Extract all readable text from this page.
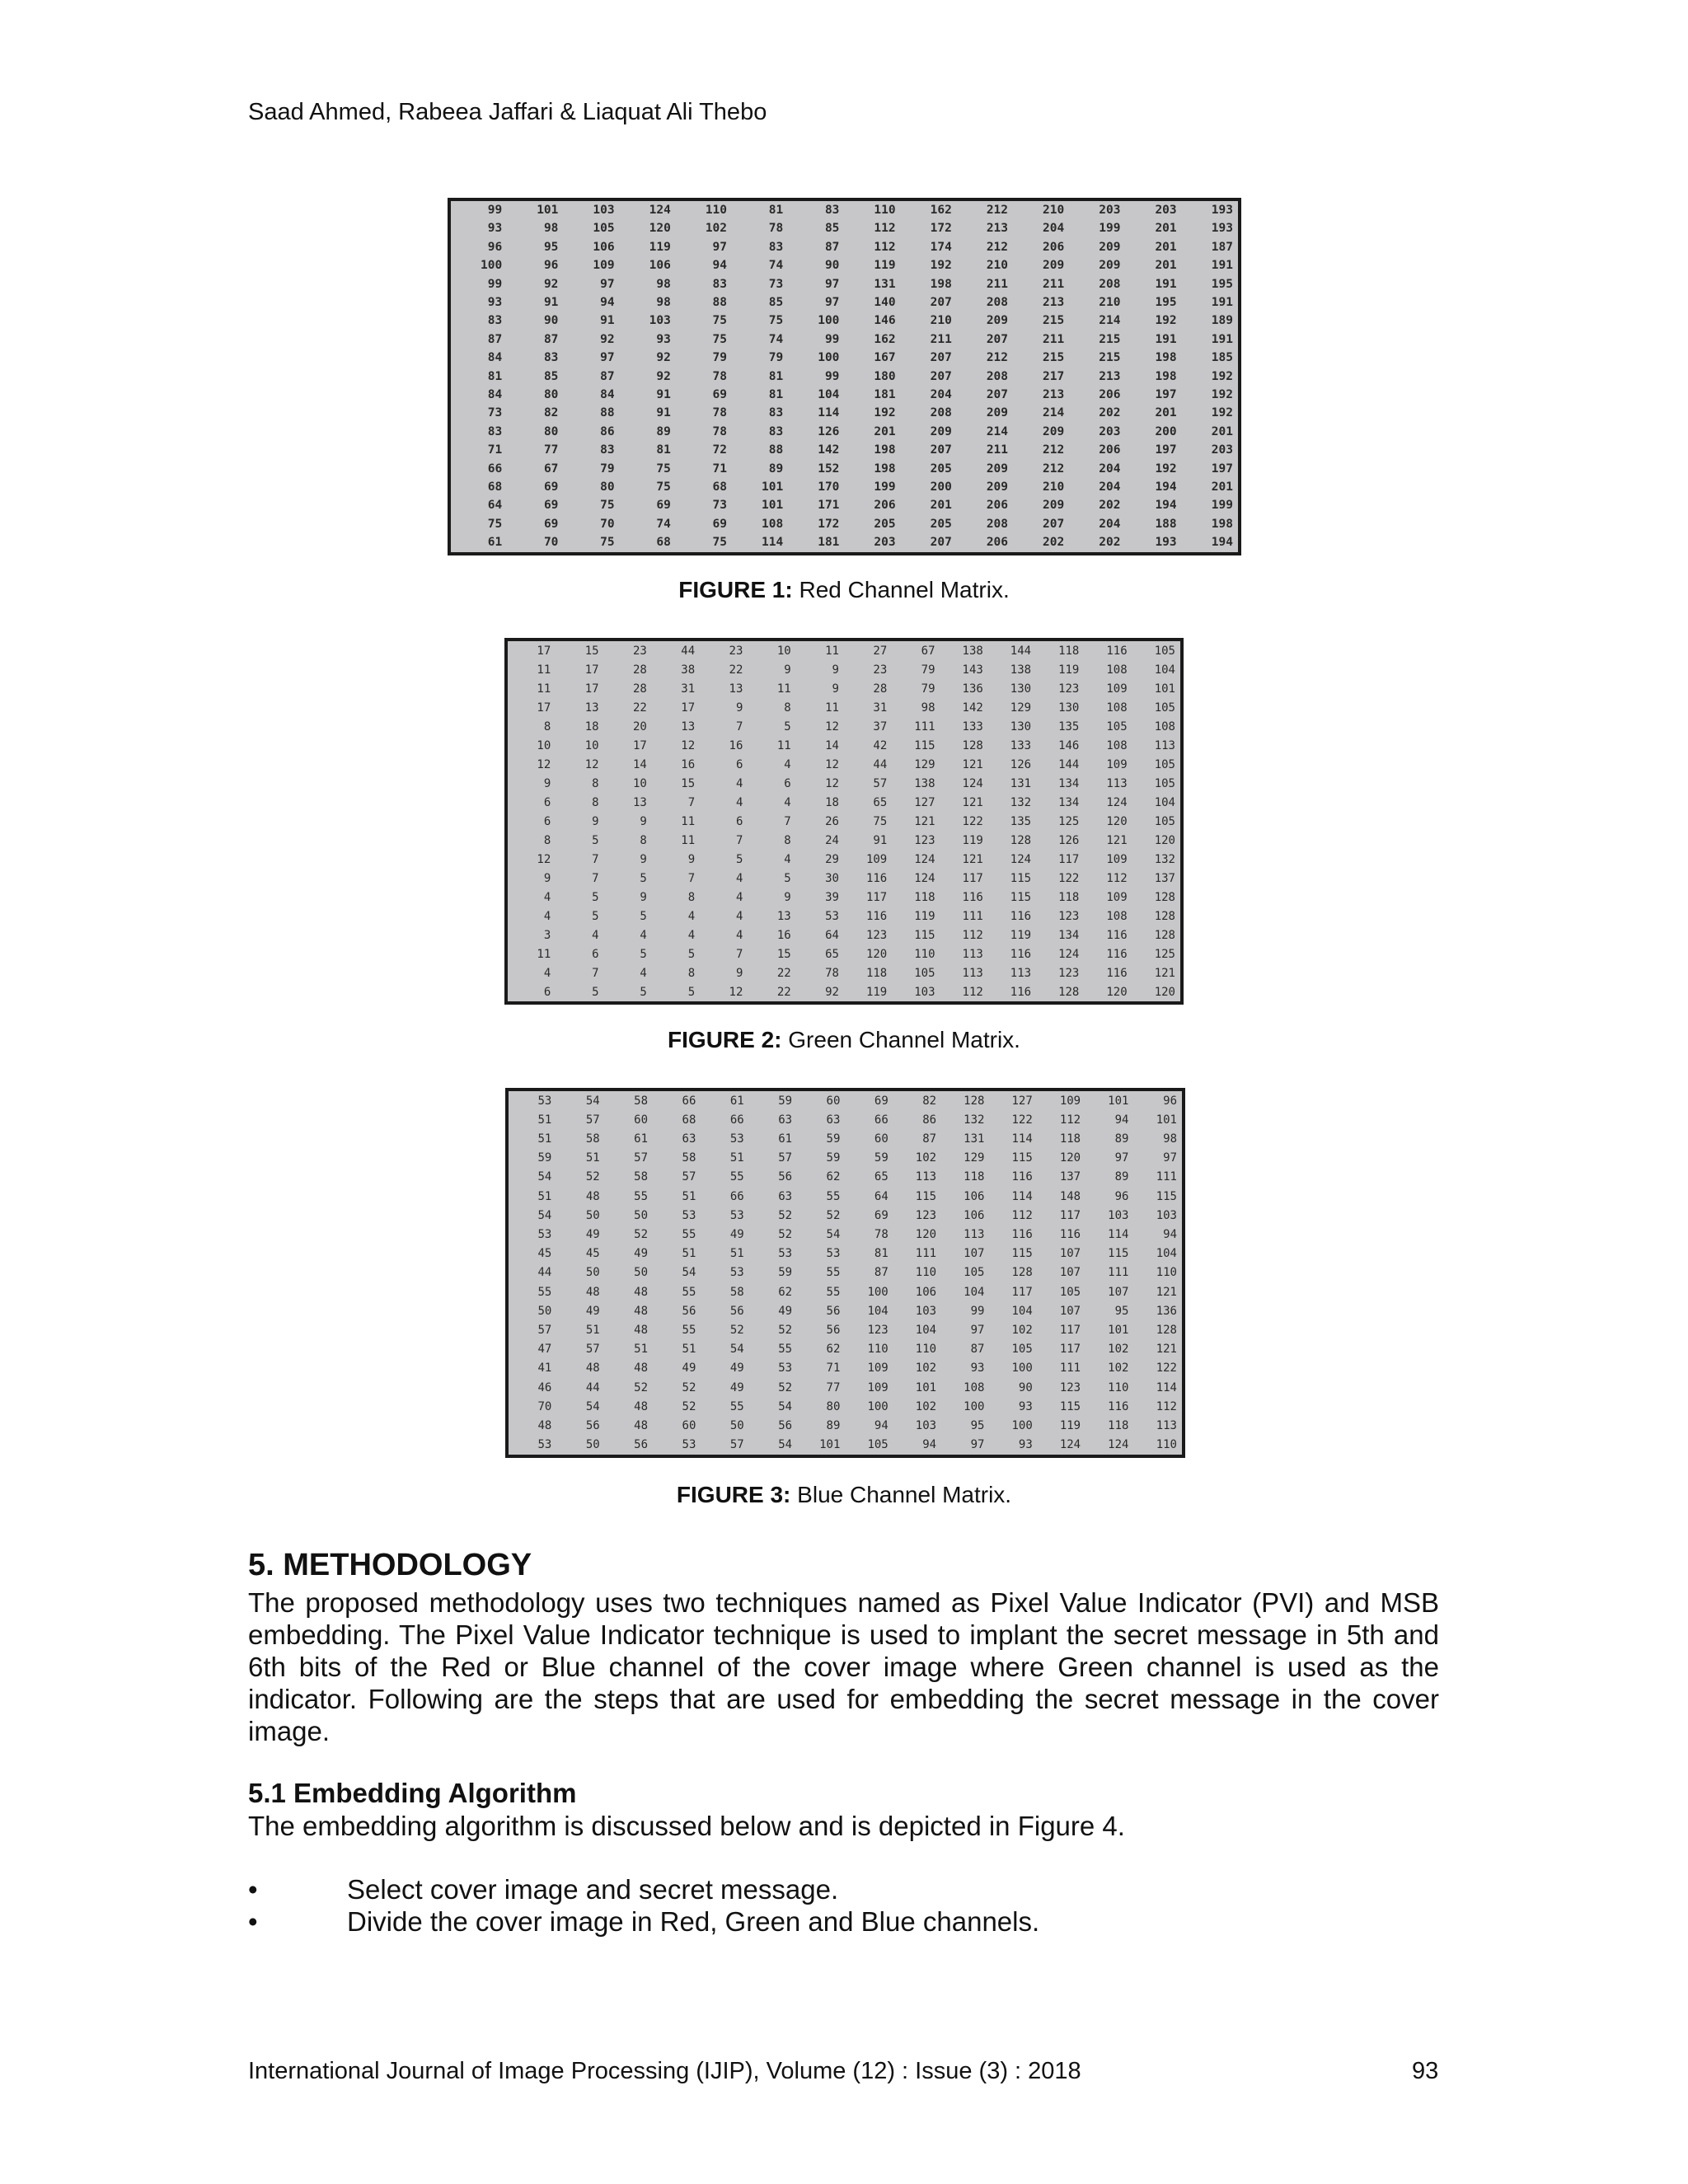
Saad Ahmed, Rabeea Jaffari & Liaquat Ali Thebo
99	101	103	124	110	81	83	110	162	212	210	203	203	193
93	98	105	120	102	78	85	112	172	213	204	199	201	193
96	95	106	119	97	83	87	112	174	212	206	209	201	187
100	96	109	106	94	74	90	119	192	210	209	209	201	191
99	92	97	98	83	73	97	131	198	211	211	208	191	195
93	91	94	98	88	85	97	140	207	208	213	210	195	191
83	90	91	103	75	75	100	146	210	209	215	214	192	189
87	87	92	93	75	74	99	162	211	207	211	215	191	191
84	83	97	92	79	79	100	167	207	212	215	215	198	185
81	85	87	92	78	81	99	180	207	208	217	213	198	192
84	80	84	91	69	81	104	181	204	207	213	206	197	192
73	82	88	91	78	83	114	192	208	209	214	202	201	192
83	80	86	89	78	83	126	201	209	214	209	203	200	201
71	77	83	81	72	88	142	198	207	211	212	206	197	203
66	67	79	75	71	89	152	198	205	209	212	204	192	197
68	69	80	75	68	101	170	199	200	209	210	204	194	201
64	69	75	69	73	101	171	206	201	206	209	202	194	199
75	69	70	74	69	108	172	205	205	208	207	204	188	198
61	70	75	68	75	114	181	203	207	206	202	202	193	194
FIGURE 1: Red Channel Matrix.
17	15	23	44	23	10	11	27	67	138	144	118	116	105
11	17	28	38	22	9	9	23	79	143	138	119	108	104
11	17	28	31	13	11	9	28	79	136	130	123	109	101
17	13	22	17	9	8	11	31	98	142	129	130	108	105
8	18	20	13	7	5	12	37	111	133	130	135	105	108
10	10	17	12	16	11	14	42	115	128	133	146	108	113
12	12	14	16	6	4	12	44	129	121	126	144	109	105
9	8	10	15	4	6	12	57	138	124	131	134	113	105
6	8	13	7	4	4	18	65	127	121	132	134	124	104
6	9	9	11	6	7	26	75	121	122	135	125	120	105
8	5	8	11	7	8	24	91	123	119	128	126	121	120
12	7	9	9	5	4	29	109	124	121	124	117	109	132
9	7	5	7	4	5	30	116	124	117	115	122	112	137
4	5	9	8	4	9	39	117	118	116	115	118	109	128
4	5	5	4	4	13	53	116	119	111	116	123	108	128
3	4	4	4	4	16	64	123	115	112	119	134	116	128
11	6	5	5	7	15	65	120	110	113	116	124	116	125
4	7	4	8	9	22	78	118	105	113	113	123	116	121
6	5	5	5	12	22	92	119	103	112	116	128	120	120
FIGURE 2: Green Channel Matrix.
53	54	58	66	61	59	60	69	82	128	127	109	101	96
51	57	60	68	66	63	63	66	86	132	122	112	94	101
51	58	61	63	53	61	59	60	87	131	114	118	89	98
59	51	57	58	51	57	59	59	102	129	115	120	97	97
54	52	58	57	55	56	62	65	113	118	116	137	89	111
51	48	55	51	66	63	55	64	115	106	114	148	96	115
54	50	50	53	53	52	52	69	123	106	112	117	103	103
53	49	52	55	49	52	54	78	120	113	116	116	114	94
45	45	49	51	51	53	53	81	111	107	115	107	115	104
44	50	50	54	53	59	55	87	110	105	128	107	111	110
55	48	48	55	58	62	55	100	106	104	117	105	107	121
50	49	48	56	56	49	56	104	103	99	104	107	95	136
57	51	48	55	52	52	56	123	104	97	102	117	101	128
47	57	51	51	54	55	62	110	110	87	105	117	102	121
41	48	48	49	49	53	71	109	102	93	100	111	102	122
46	44	52	52	49	52	77	109	101	108	90	123	110	114
70	54	48	52	55	54	80	100	102	100	93	115	116	112
48	56	48	60	50	56	89	94	103	95	100	119	118	113
53	50	56	53	57	54	101	105	94	97	93	124	124	110
FIGURE 3: Blue Channel Matrix.
5. METHODOLOGY

The proposed methodology uses two techniques named as Pixel Value Indicator (PVI) and MSB embedding. The Pixel Value Indicator technique is used to implant the secret message in 5th and 6th bits of the Red or Blue channel of the cover image where Green channel is used as the indicator. Following are the steps that are used for embedding the secret message in the cover image.

5.1 Embedding Algorithm

The embedding algorithm is discussed below and is depicted in Figure 4.

•	Select cover image and secret message.
•	Divide the cover image in Red, Green and Blue channels.
International Journal of Image Processing (IJIP), Volume (12) : Issue (3) : 2018	93
